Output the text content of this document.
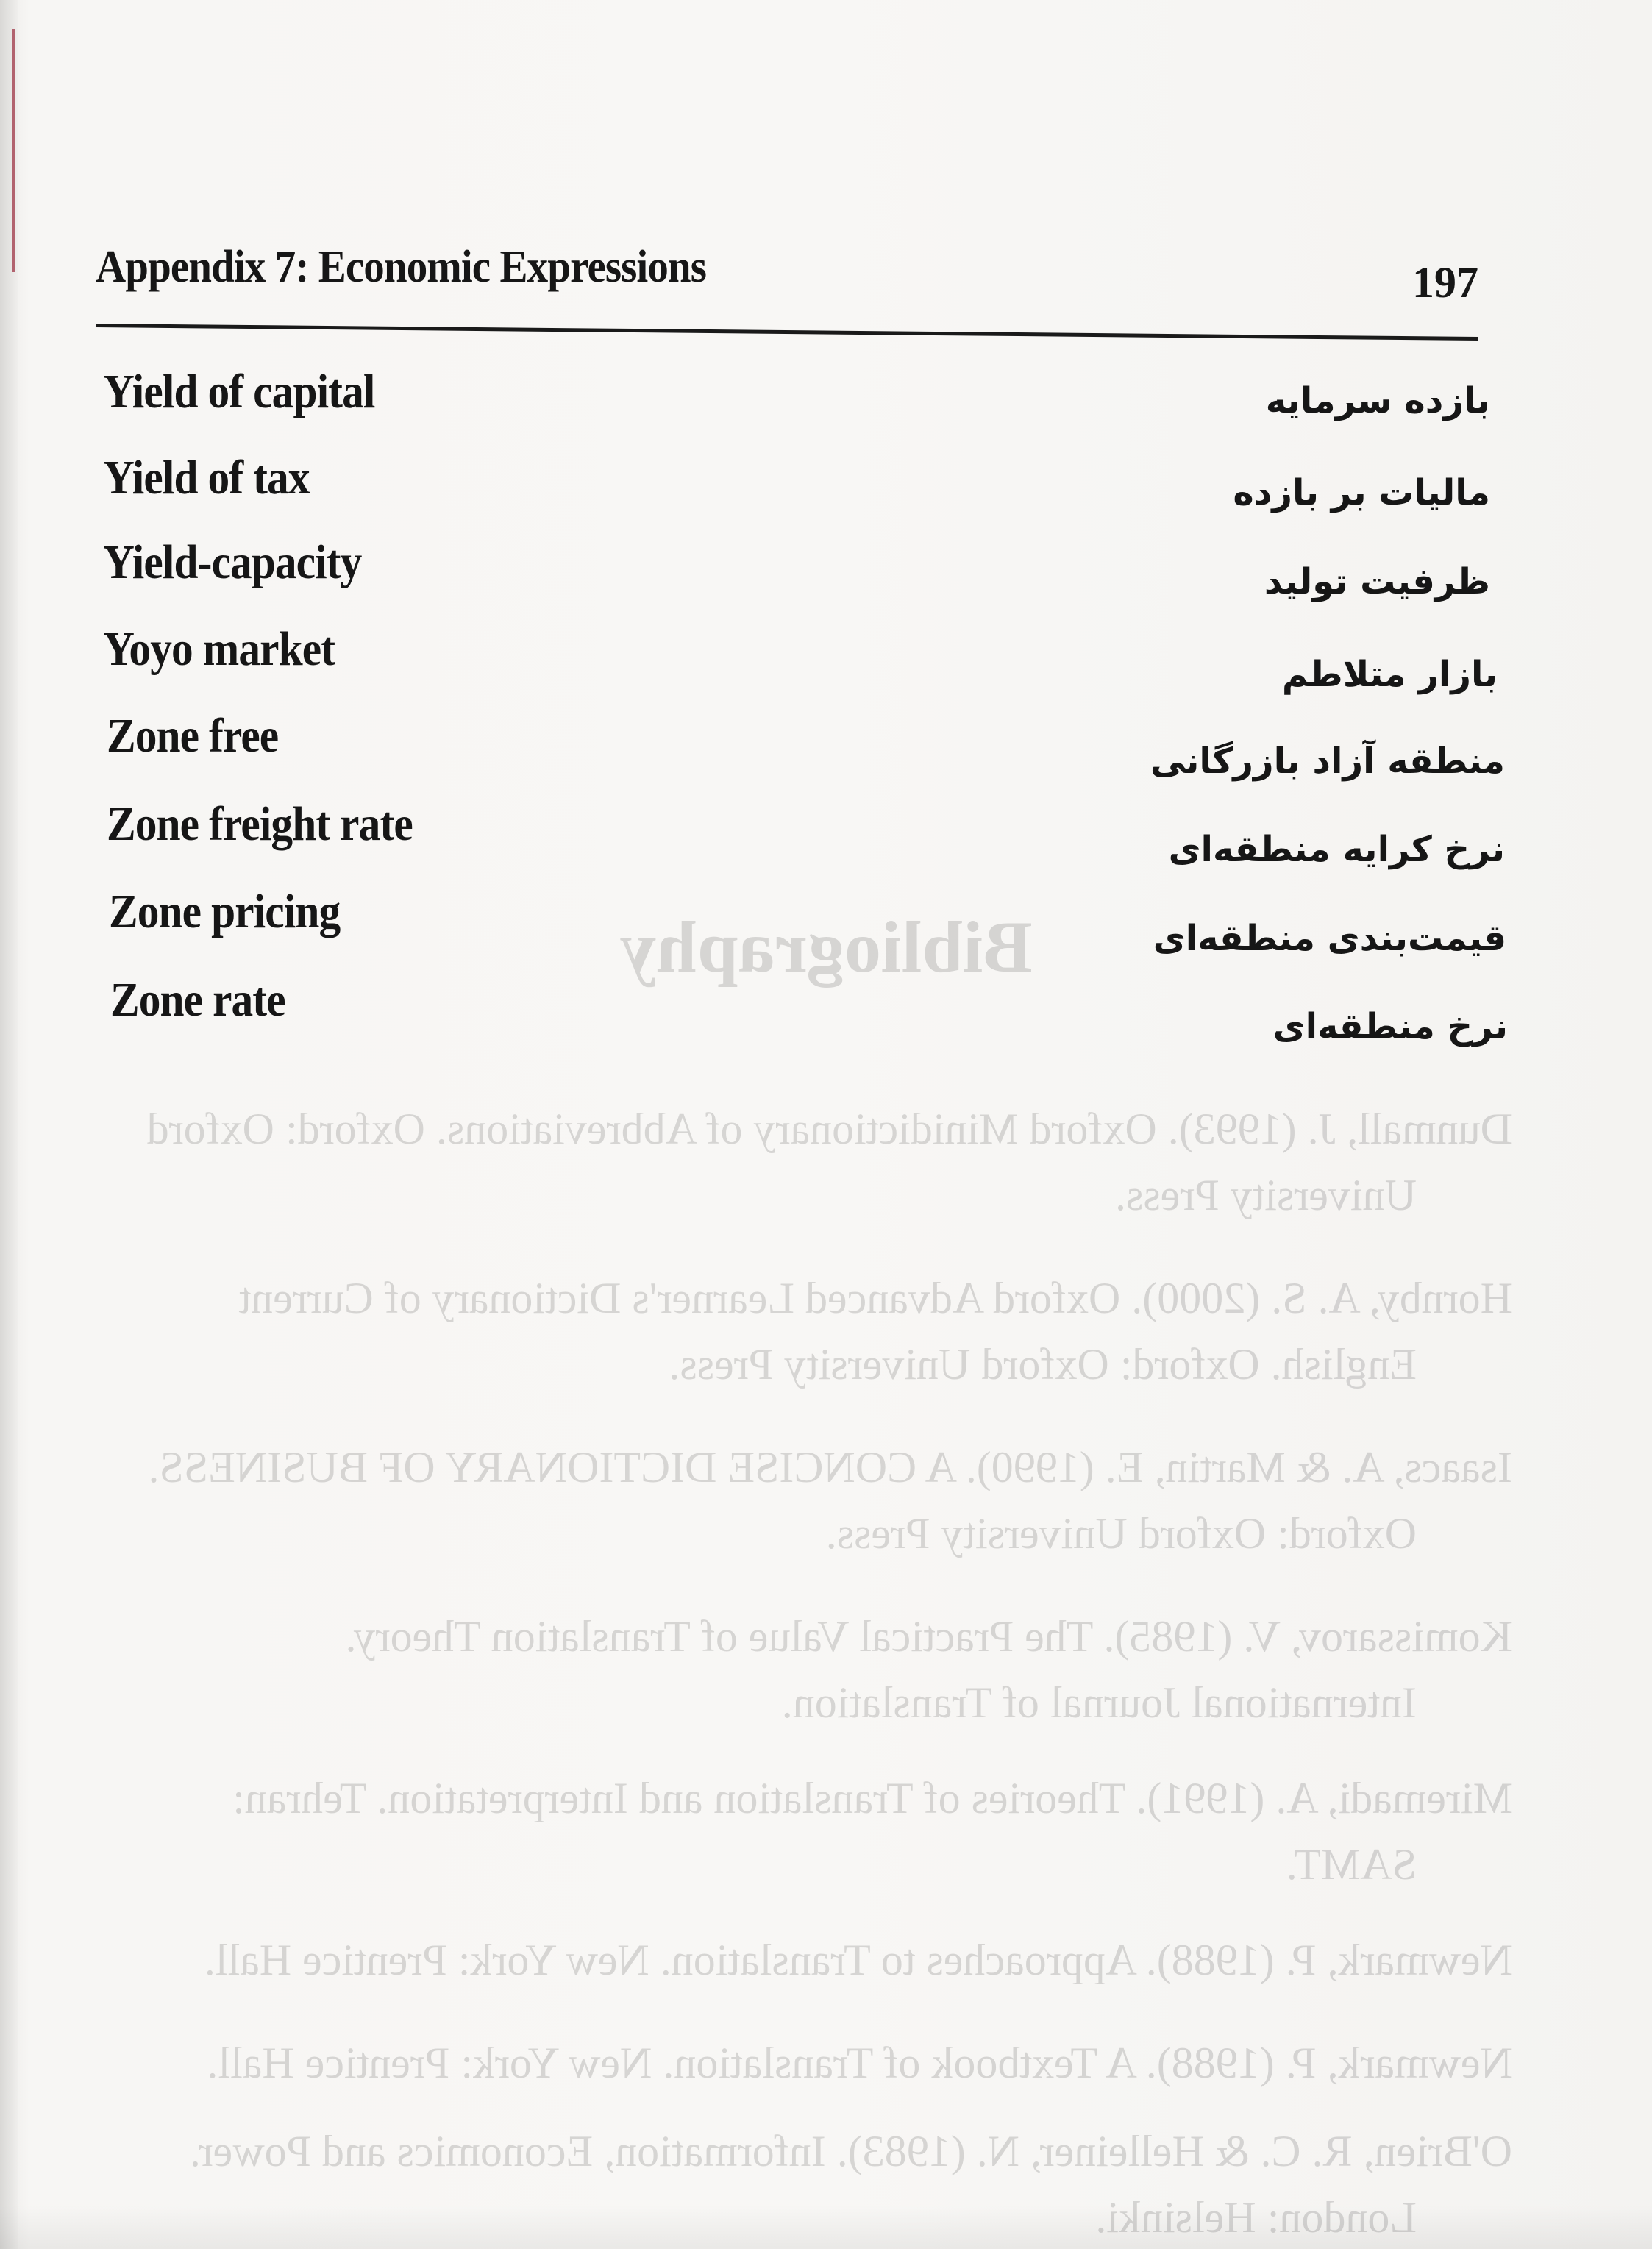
Bibliography
Dunmall, J. (1993). Oxford Minidictionary of Abbreviations. Oxford: Oxford
University Press.
Hornby, A. S. (2000). Oxford Advanced Learner's Dictionary of Current
English. Oxford: Oxford University Press.
Isaacs, A. & Martin, E. (1990). A CONCISE DICTIONARY OF BUSINESS.
Oxford: Oxford University Press.
Komissarov, V. (1985). The Practical Value of Translation Theory.
International Journal of Translation.
Miremadi, A. (1991). Theories of Translation and Interpretation. Tehran:
SAMT.
Newmark, P. (1988). Approaches to Translation. New York: Prentice Hall.
Newmark, P. (1988). A Textbook of Translation. New York: Prentice Hall.
O'Brien, R. C. & Helleiner, N. (1983). Information, Economics and Power.
Appendix 7: Economic Expressions	197
Yield of capital	بازده سرمایه
Yield of tax	مالیات بر بازده
Yield-capacity	ظرفیت تولید
Yoyo market	بازار متلاطم
Zone free	منطقه آزاد بازرگانی
Zone freight rate	نرخ کرایه منطقه‌ای
Zone pricing	قیمت‌بندی منطقه‌ای
Zone rate	نرخ منطقه‌ای
